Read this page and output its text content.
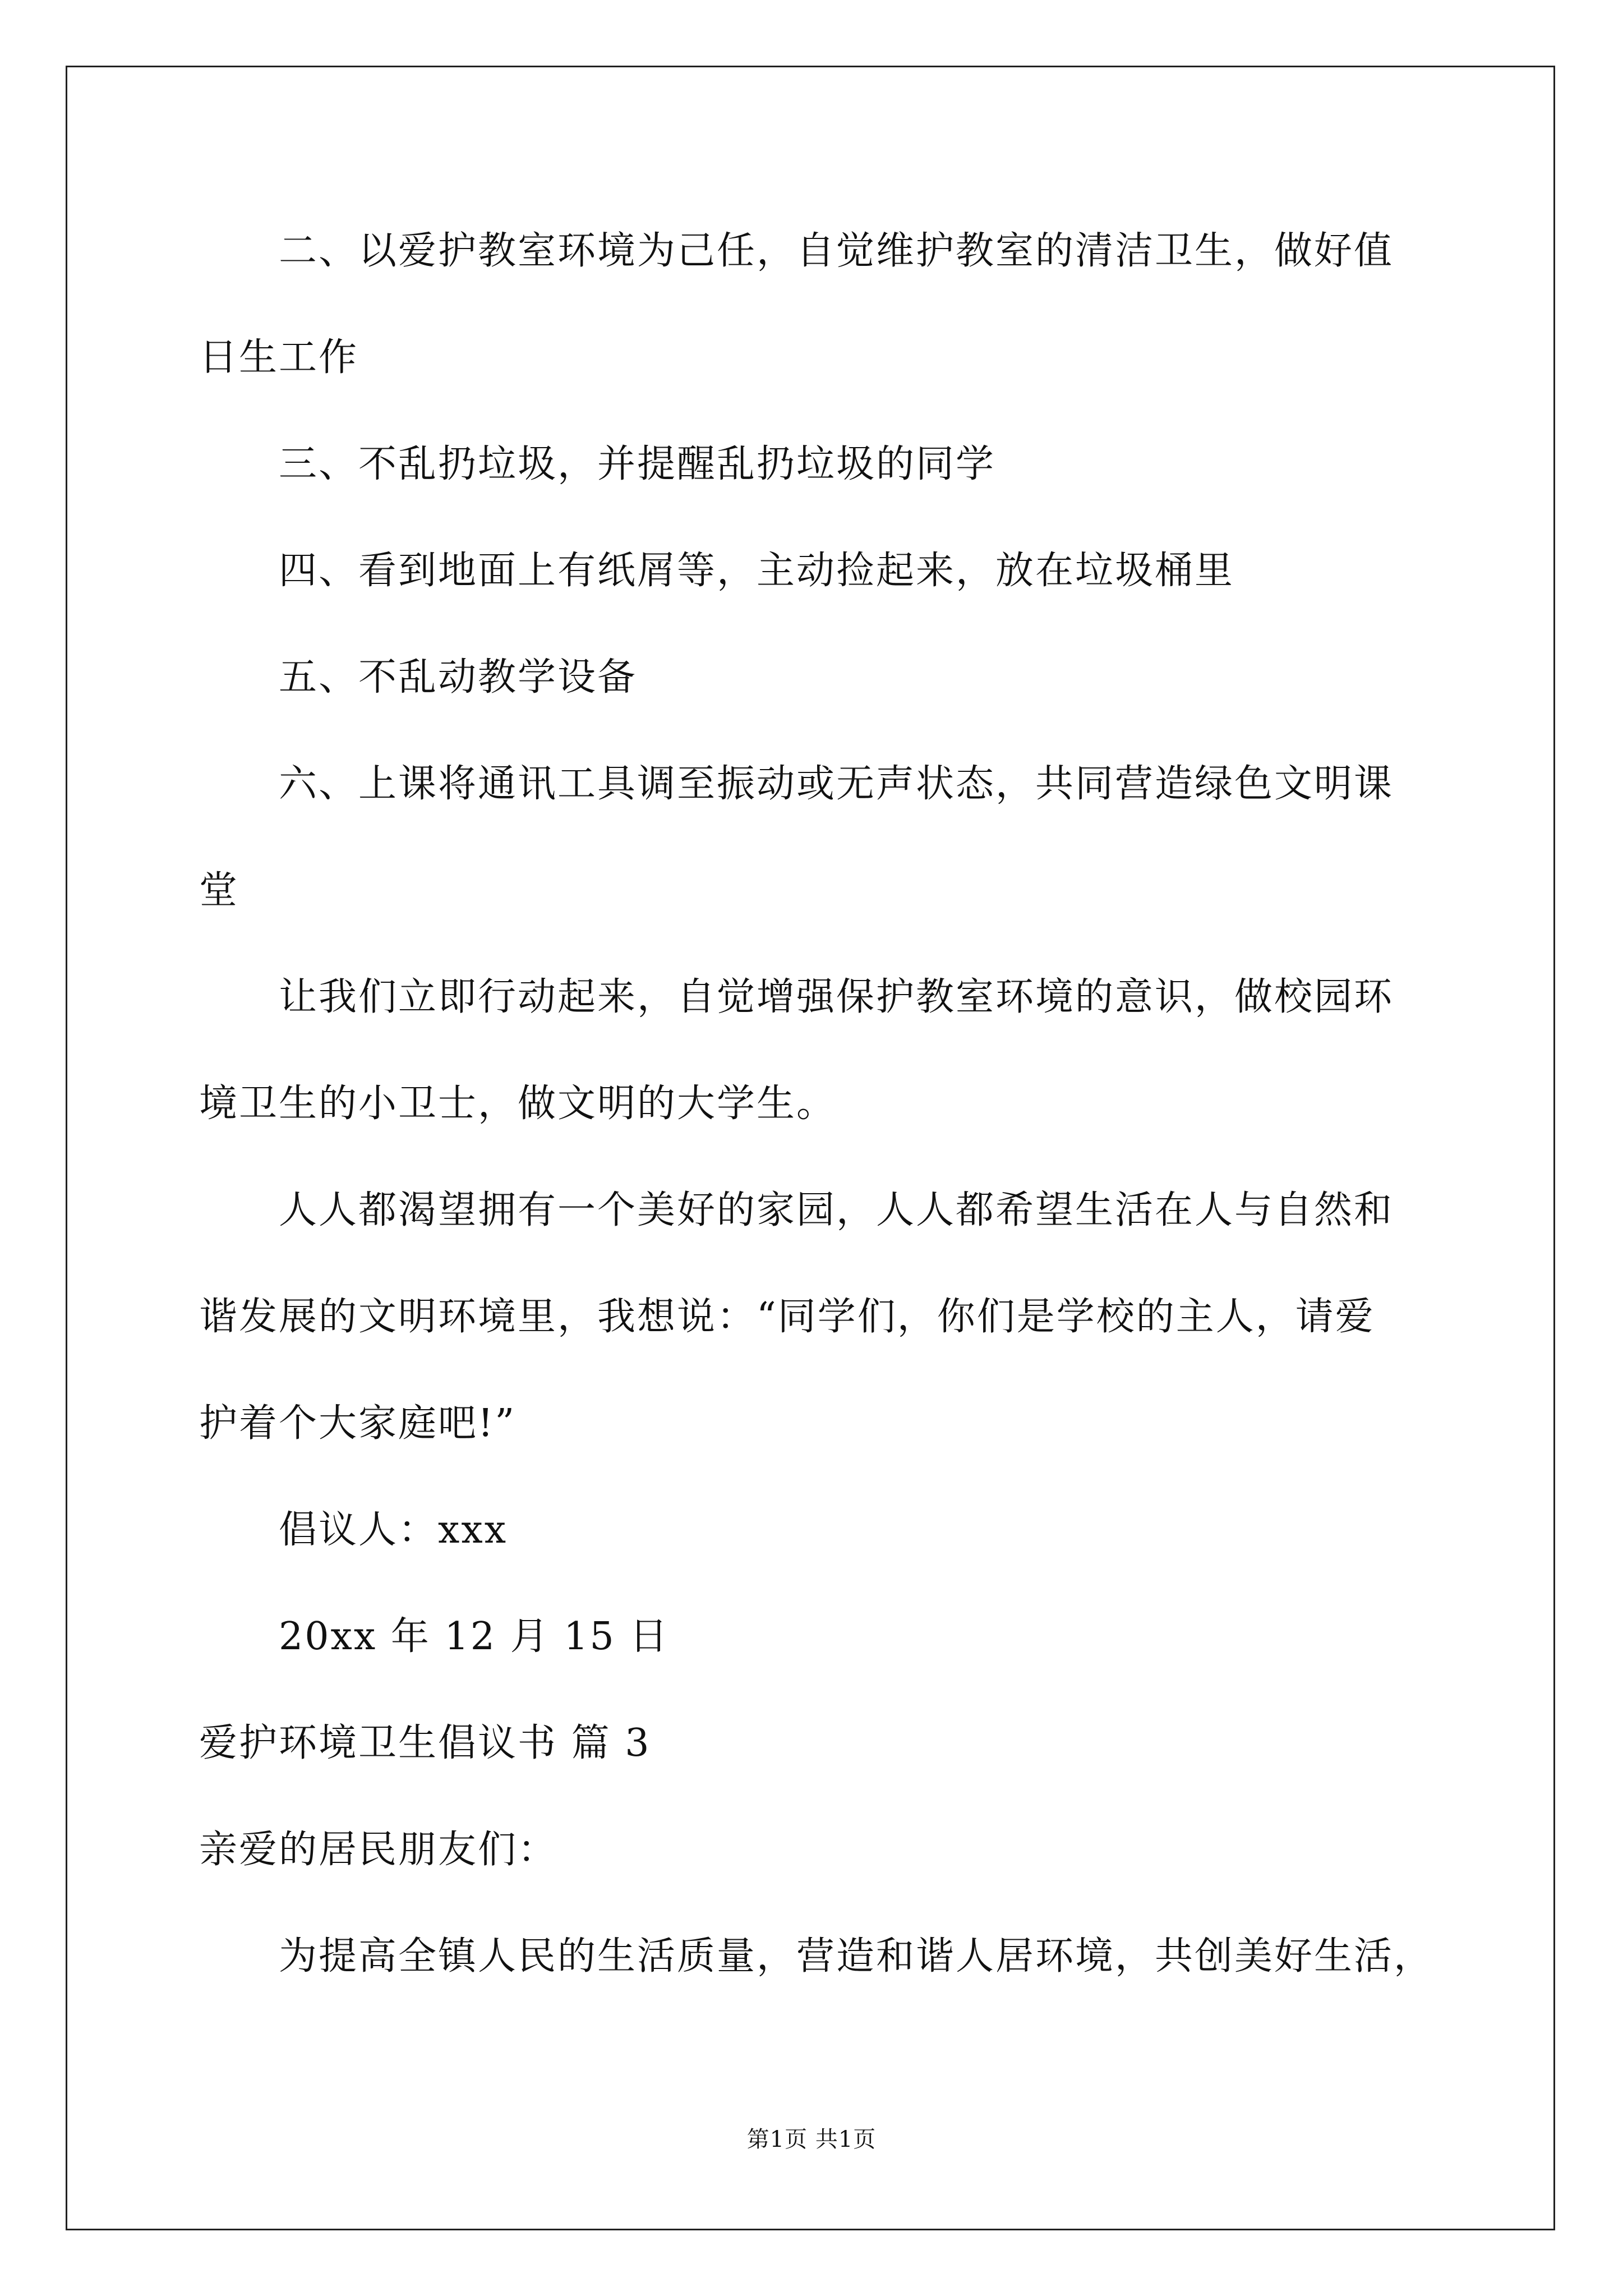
二、以爱护教室环境为己任，自觉维护教室的清洁卫生，做好值
日生工作
三、不乱扔垃圾，并提醒乱扔垃圾的同学
四、看到地面上有纸屑等，主动捡起来，放在垃圾桶里
五、不乱动教学设备
六、上课将通讯工具调至振动或无声状态，共同营造绿色文明课
堂
让我们立即行动起来，自觉增强保护教室环境的意识，做校园环
境卫生的小卫士，做文明的大学生。
人人都渴望拥有一个美好的家园，人人都希望生活在人与自然和
谐发展的文明环境里，我想说：“同学们，你们是学校的主人，请爱
护着个大家庭吧!”
倡议人：xxx
20xx 年 12 月 15 日
爱护环境卫生倡议书 篇 3
亲爱的居民朋友们：
为提高全镇人民的生活质量，营造和谐人居环境，共创美好生活，
第1页 共1页
